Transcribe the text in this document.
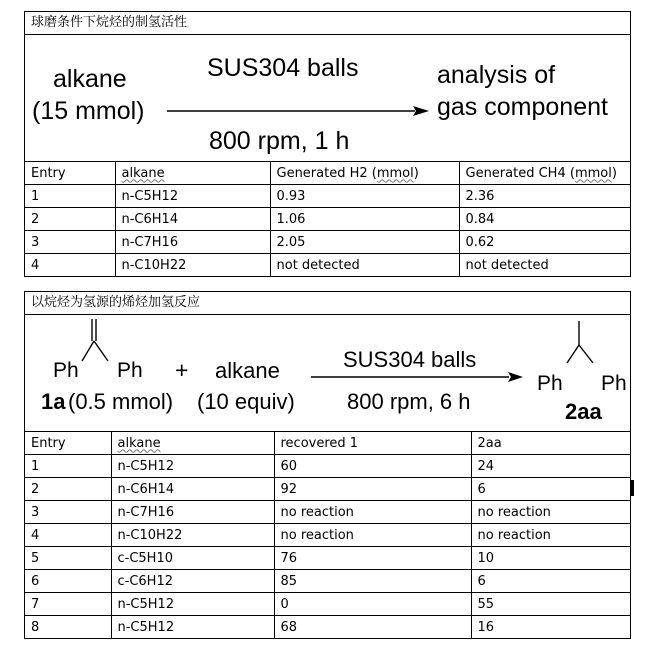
球磨条件下烷烃的制氢活性
alkane
(15 mmol)
SUS304 balls
800 rpm, 1 h
analysis of
gas component
Entry	alkane	Generated H2 (mmol)	Generated CH4 (mmol)
1	n-C5H12	0.93	2.36
2	n-C6H14	1.06	0.84
3	n-C7H16	2.05	0.62
4	n-C10H22	not detected	not detected
以烷烃为氢源的烯烃加氢反应
Ph Ph + alkane
1a (0.5 mmol) (10 equiv)
SUS304 balls
800 rpm, 6 h
Ph Ph
2aa
Entry	alkane	recovered 1	2aa
1	n-C5H12	60	24
2	n-C6H14	92	6
3	n-C7H16	no reaction	no reaction
4	n-C10H22	no reaction	no reaction
5	c-C5H10	76	10
6	c-C6H12	85	6
7	n-C5H12	0	55
8	n-C5H12	68	16
